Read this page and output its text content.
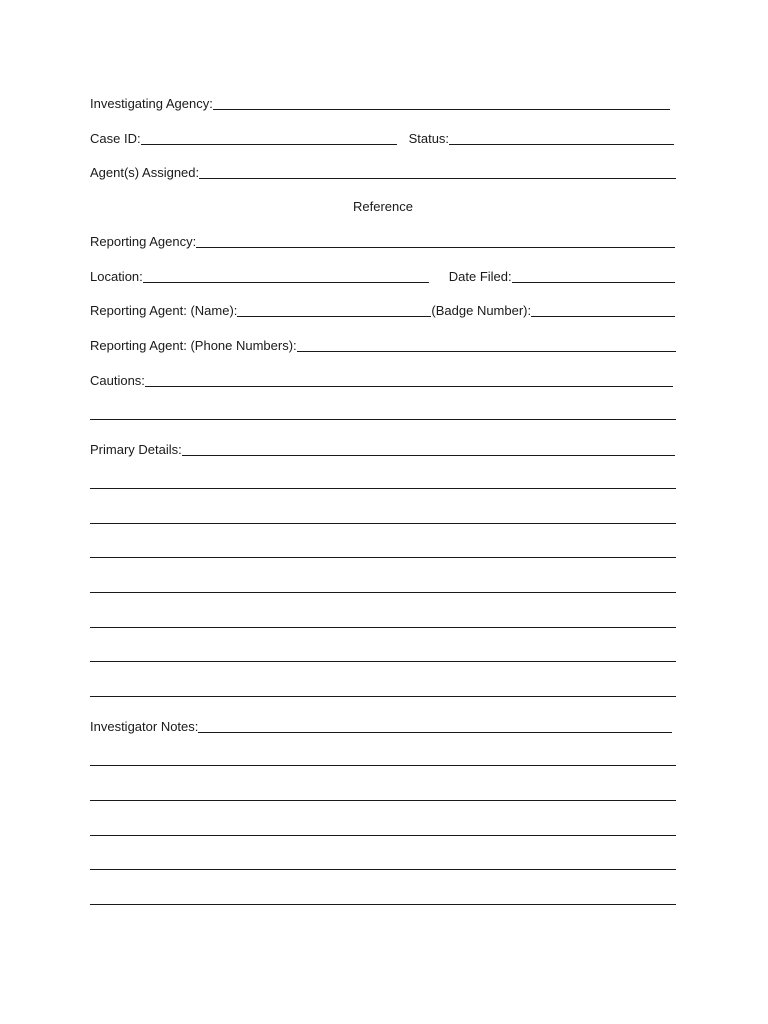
Investigating Agency:
Case ID:	Status:
Agent(s) Assigned:
Reference
Reporting Agency:
Location:	Date Filed:
Reporting Agent: (Name):	(Badge Number):
Reporting Agent: (Phone Numbers):
Cautions:
Primary Details:
Investigator Notes:
